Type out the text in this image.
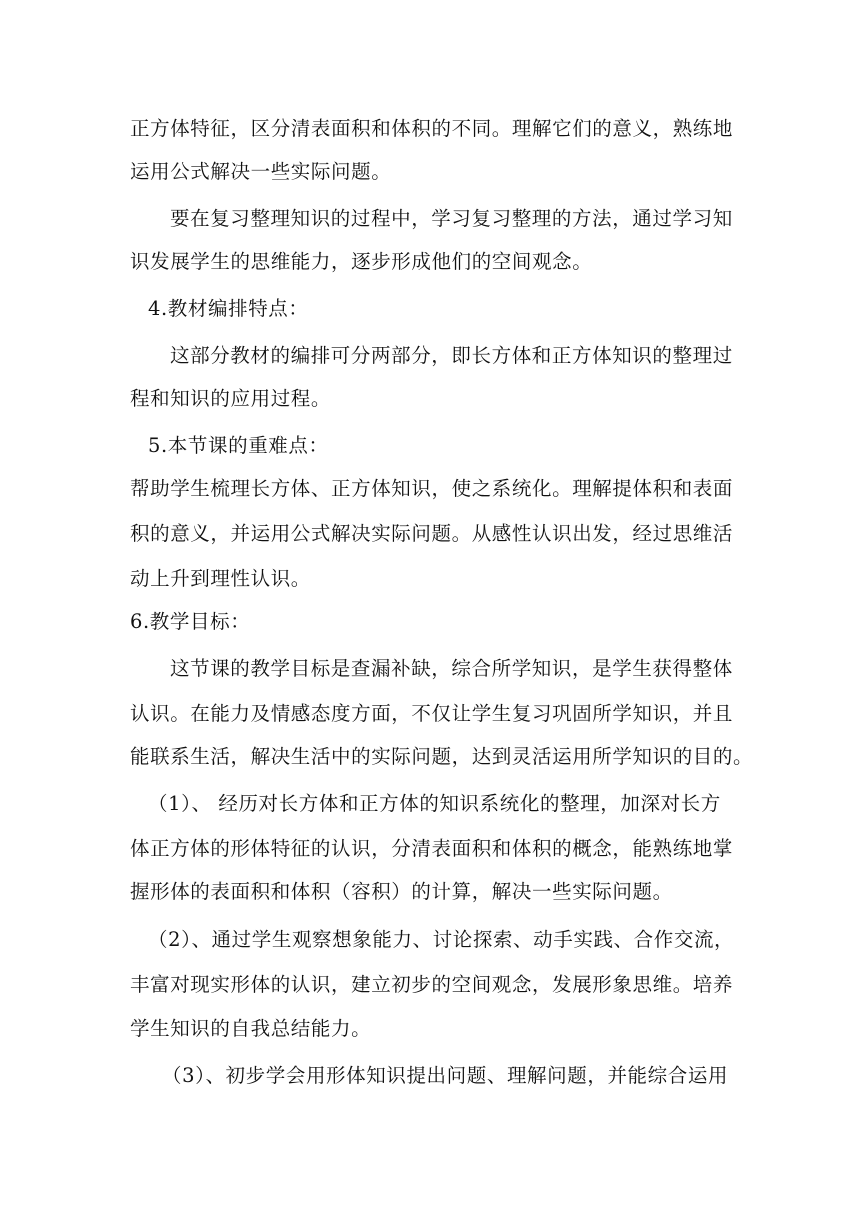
正方体特征，区分清表面积和体积的不同。理解它们的意义，熟练地
运用公式解决一些实际问题。
要在复习整理知识的过程中，学习复习整理的方法，通过学习知
识发展学生的思维能力，逐步形成他们的空间观念。
4.教材编排特点：
这部分教材的编排可分两部分，即长方体和正方体知识的整理过
程和知识的应用过程。
5.本节课的重难点：
帮助学生梳理长方体、正方体知识，使之系统化。理解提体积和表面
积的意义，并运用公式解决实际问题。从感性认识出发，经过思维活
动上升到理性认识。
6.教学目标：
这节课的教学目标是查漏补缺，综合所学知识，是学生获得整体
认识。在能力及情感态度方面，不仅让学生复习巩固所学知识，并且
能联系生活，解决生活中的实际问题，达到灵活运用所学知识的目的。
（1）、 经历对长方体和正方体的知识系统化的整理，加深对长方
体正方体的形体特征的认识，分清表面积和体积的概念，能熟练地掌
握形体的表面积和体积（容积）的计算，解决一些实际问题。
（2）、通过学生观察想象能力、讨论探索、动手实践、合作交流，
丰富对现实形体的认识，建立初步的空间观念，发展形象思维。培养
学生知识的自我总结能力。
（3）、初步学会用形体知识提出问题、理解问题，并能综合运用
